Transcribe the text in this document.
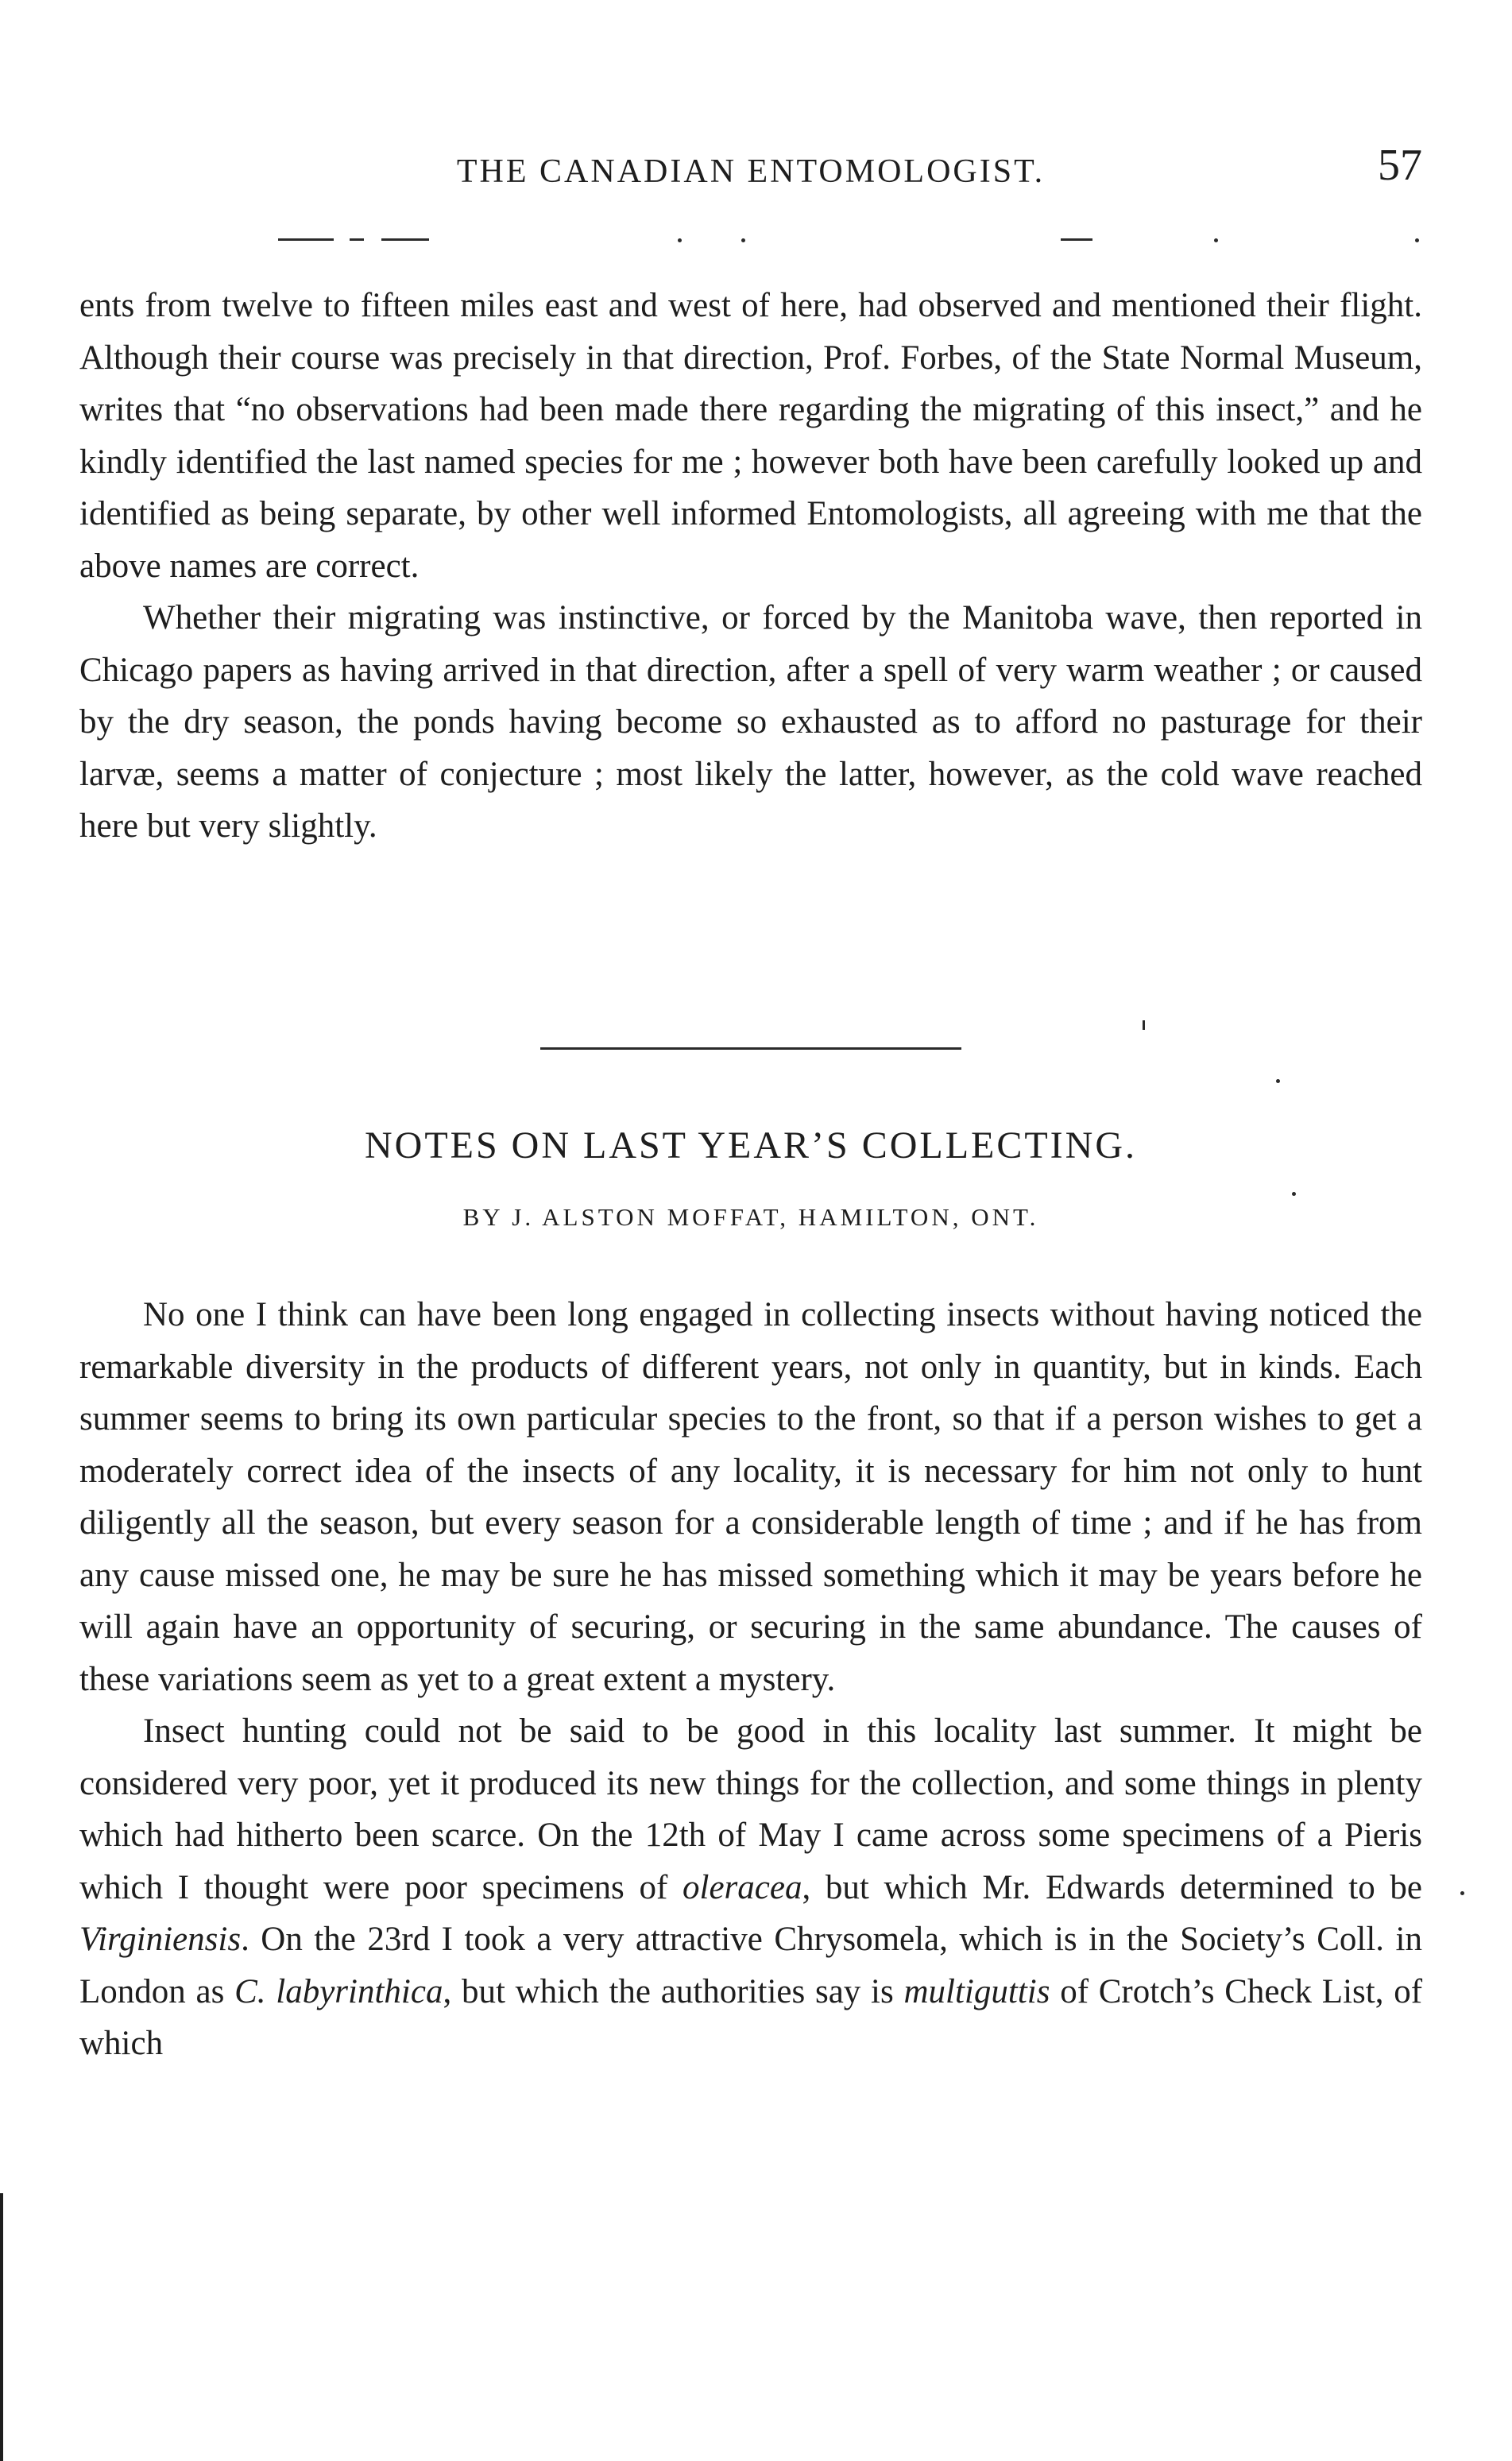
THE CANADIAN ENTOMOLOGIST.	57

ents from twelve to fifteen miles east and west of here, had observed and mentioned their flight. Although their course was precisely in that direction, Prof. Forbes, of the State Normal Museum, writes that “no observations had been made there regarding the migrating of this insect,” and he kindly identified the last named species for me ; however both have been carefully looked up and identified as being separate, by other well informed Entomologists, all agreeing with me that the above names are correct.

Whether their migrating was instinctive, or forced by the Manitoba wave, then reported in Chicago papers as having arrived in that direction, after a spell of very warm weather ; or caused by the dry season, the ponds having become so exhausted as to afford no pasturage for their larvæ, seems a matter of conjecture ; most likely the latter, however, as the cold wave reached here but very slightly.

NOTES ON LAST YEAR’S COLLECTING.
BY J. ALSTON MOFFAT, HAMILTON, ONT.

No one I think can have been long engaged in collecting insects without having noticed the remarkable diversity in the products of different years, not only in quantity, but in kinds. Each summer seems to bring its own particular species to the front, so that if a person wishes to get a moderately correct idea of the insects of any locality, it is necessary for him not only to hunt diligently all the season, but every season for a considerable length of time ; and if he has from any cause missed one, he may be sure he has missed something which it may be years before he will again have an opportunity of securing, or securing in the same abundance. The causes of these variations seem as yet to a great extent a mystery.

Insect hunting could not be said to be good in this locality last summer. It might be considered very poor, yet it produced its new things for the collection, and some things in plenty which had hitherto been scarce. On the 12th of May I came across some specimens of a Pieris which I thought were poor specimens of oleracea, but which Mr. Edwards determined to be Virginiensis. On the 23rd I took a very attractive Chrysomela, which is in the Society’s Coll. in London as C. labyrinthica, but which the authorities say is multiguttis of Crotch’s Check List, of which
